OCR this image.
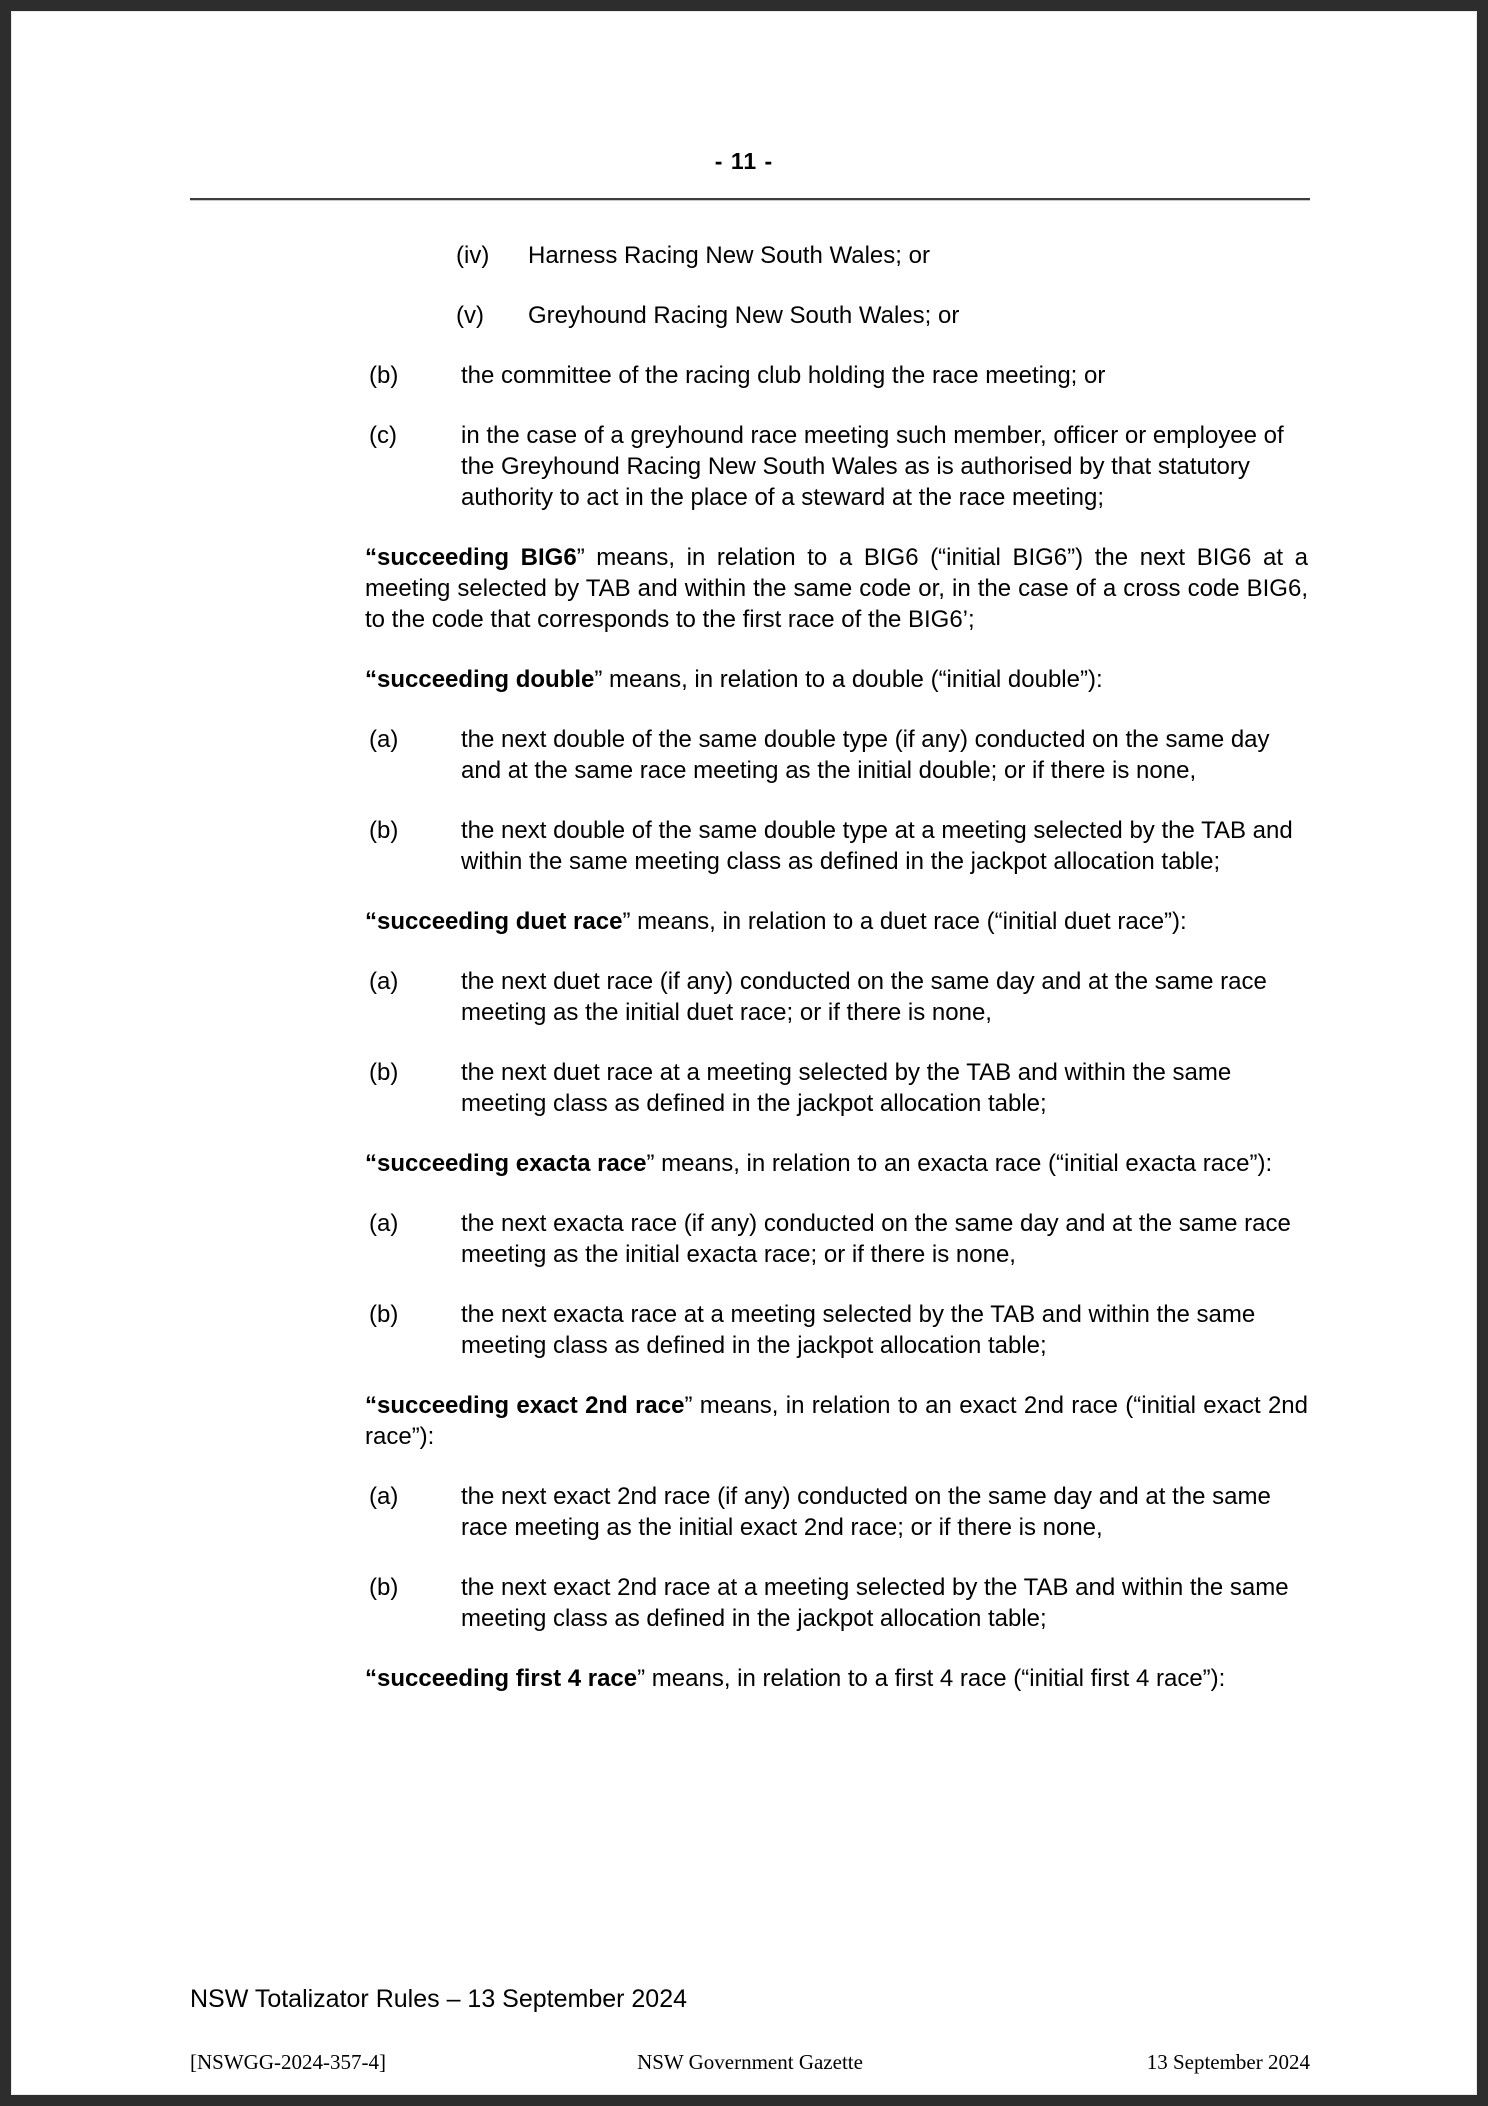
- 11 -
(iv) Harness Racing New South Wales; or
(v) Greyhound Racing New South Wales; or
(b)	the committee of the racing club holding the race meeting; or
(c)	in the case of a greyhound race meeting such member, officer or employee of the Greyhound Racing New South Wales as is authorised by that statutory authority to act in the place of a steward at the race meeting;
“succeeding BIG6” means, in relation to a BIG6 (“initial BIG6”) the next BIG6 at a meeting selected by TAB and within the same code or, in the case of a cross code BIG6, to the code that corresponds to the first race of the BIG6’;
“succeeding double” means, in relation to a double (“initial double”):
(a)	the next double of the same double type (if any) conducted on the same day and at the same race meeting as the initial double; or if there is none,
(b)	the next double of the same double type at a meeting selected by the TAB and within the same meeting class as defined in the jackpot allocation table;
“succeeding duet race” means, in relation to a duet race (“initial duet race”):
(a)	the next duet race (if any) conducted on the same day and at the same race meeting as the initial duet race; or if there is none,
(b)	the next duet race at a meeting selected by the TAB and within the same meeting class as defined in the jackpot allocation table;
“succeeding exacta race” means, in relation to an exacta race (“initial exacta race”):
(a)	the next exacta race (if any) conducted on the same day and at the same race meeting as the initial exacta race; or if there is none,
(b)	the next exacta race at a meeting selected by the TAB and within the same meeting class as defined in the jackpot allocation table;
“succeeding exact 2nd race” means, in relation to an exact 2nd race (“initial exact 2nd race”):
(a)	the next exact 2nd race (if any) conducted on the same day and at the same race meeting as the initial exact 2nd race; or if there is none,
(b)	the next exact 2nd race at a meeting selected by the TAB and within the same meeting class as defined in the jackpot allocation table;
“succeeding first 4 race” means, in relation to a first 4 race (“initial first 4 race”):
NSW Totalizator Rules – 13 September 2024
[NSWGG-2024-357-4]	NSW Government Gazette	13 September 2024
